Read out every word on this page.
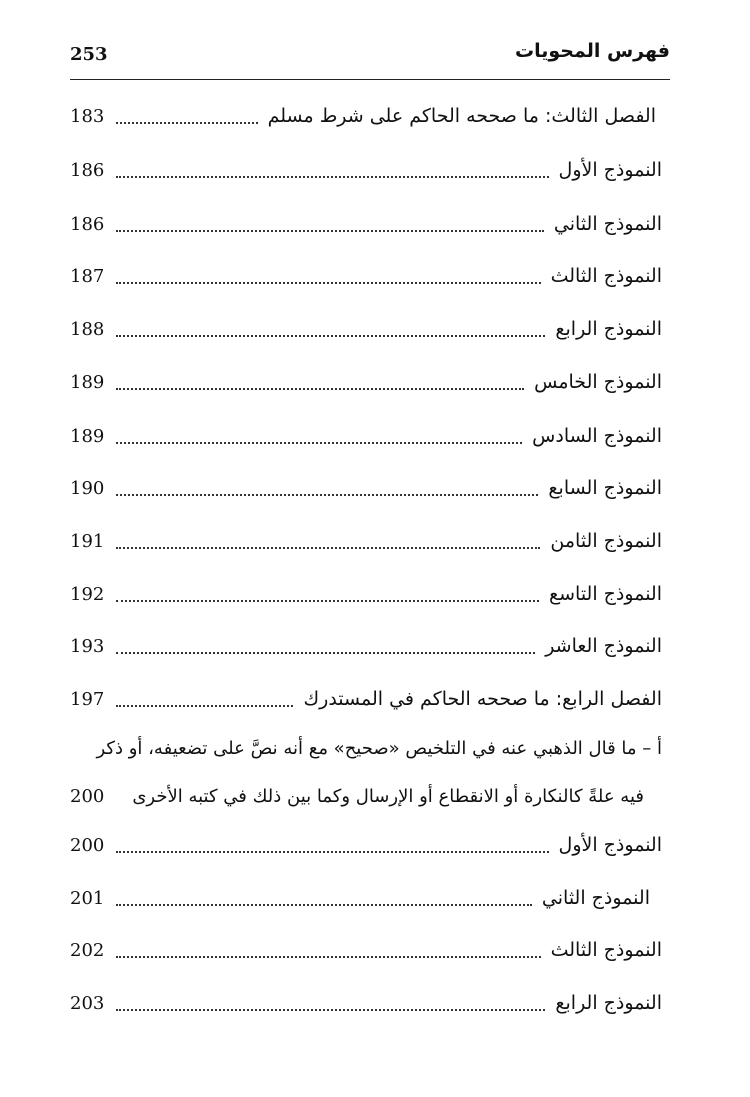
253	فهرس المحويات
الفصل الثالث: ما صححه الحاكم على شرط مسلم
183
النموذج الأول
186
النموذج الثاني
186
النموذج الثالث
187
النموذج الرابع
188
النموذج الخامس
189
النموذج السادس
189
النموذج السابع
190
النموذج الثامن
191
النموذج التاسع
192
النموذج العاشر
193
الفصل الرابع: ما صححه الحاكم في المستدرك
197
أ – ما قال الذهبي عنه في التلخيص «صحيح» مع أنه نصَّ على تضعيفه، أو ذكر
فيه علةً كالنكارة أو الانقطاع أو الإرسال وكما بين ذلك في كتبه الأخرى
200
النموذج الأول
200
النموذج الثاني
201
النموذج الثالث
202
النموذج الرابع
203
